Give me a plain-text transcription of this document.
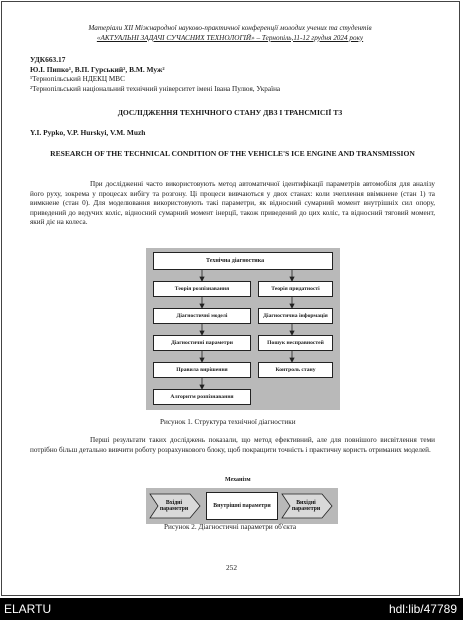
Матеріали XІІ Міжнародної науково-практичної конференції молодих учених та студентів
«АКТУАЛЬНІ ЗАДАЧІ СУЧАСНИХ ТЕХНОЛОГІЙ» – Тернопіль,11-12 грудня 2024 року
УДК663.17
Ю.І. Пипко¹, В.П. Гурський², В.М. Муж²
¹Тернопільський НДЕКЦ МВС
²Тернопільський національний технічний університет імені Івана Пулюя, Україна
ДОСЛІДЖЕННЯ ТЕХНІЧНОГО СТАНУ ДВЗ І ТРАНСМІСІЇ ТЗ
Y.I. Pypko, V.P. Hurskyi, V.M. Muzh
RESEARCH OF THE TECHNICAL CONDITION OF THE VEHICLE'S ICE ENGINE AND TRANSMISSION
При дослідженні часто використовують метод автоматичної ідентифікації параметрів автомобіля для аналізу його руху, зокрема у процесах вибігу та розгону. Ці процеси вивчаються у двох станах: коли зчеплення ввімкнене (стан 1) та вимкнене (стан 0). Для моделювання використовують такі параметри, як відносний сумарний момент внутрішніх сил опору, приведений до ведучих коліс, відносний сумарний момент інерції, також приведений до цих коліс, та відносний тяговий момент, який діє на колеса.
Технічна діагностика
Теорія розпізнавання
Діагностичні моделі
Діагностичні параметри
Правила вирішення
Алгоритм розпізнавання
Теорія придатності
Діагностична інформація
Пошук несправностей
Контроль стану
Рисунок 1. Структура технічної діагностики
Перші результати таких досліджень показали, що метод ефективний, але для повнішого висвітлення теми потрібно більш детально вивчити роботу розрахункового блоку, щоб покращити точність і практичну користь отриманих моделей.
Механізм
Вхідні параметри
Внутрішні параметри
Вихідні параметри
Рисунок 2. Діагностичні параметри об'єкта
252
ELARTU	hdl:lib/47789
